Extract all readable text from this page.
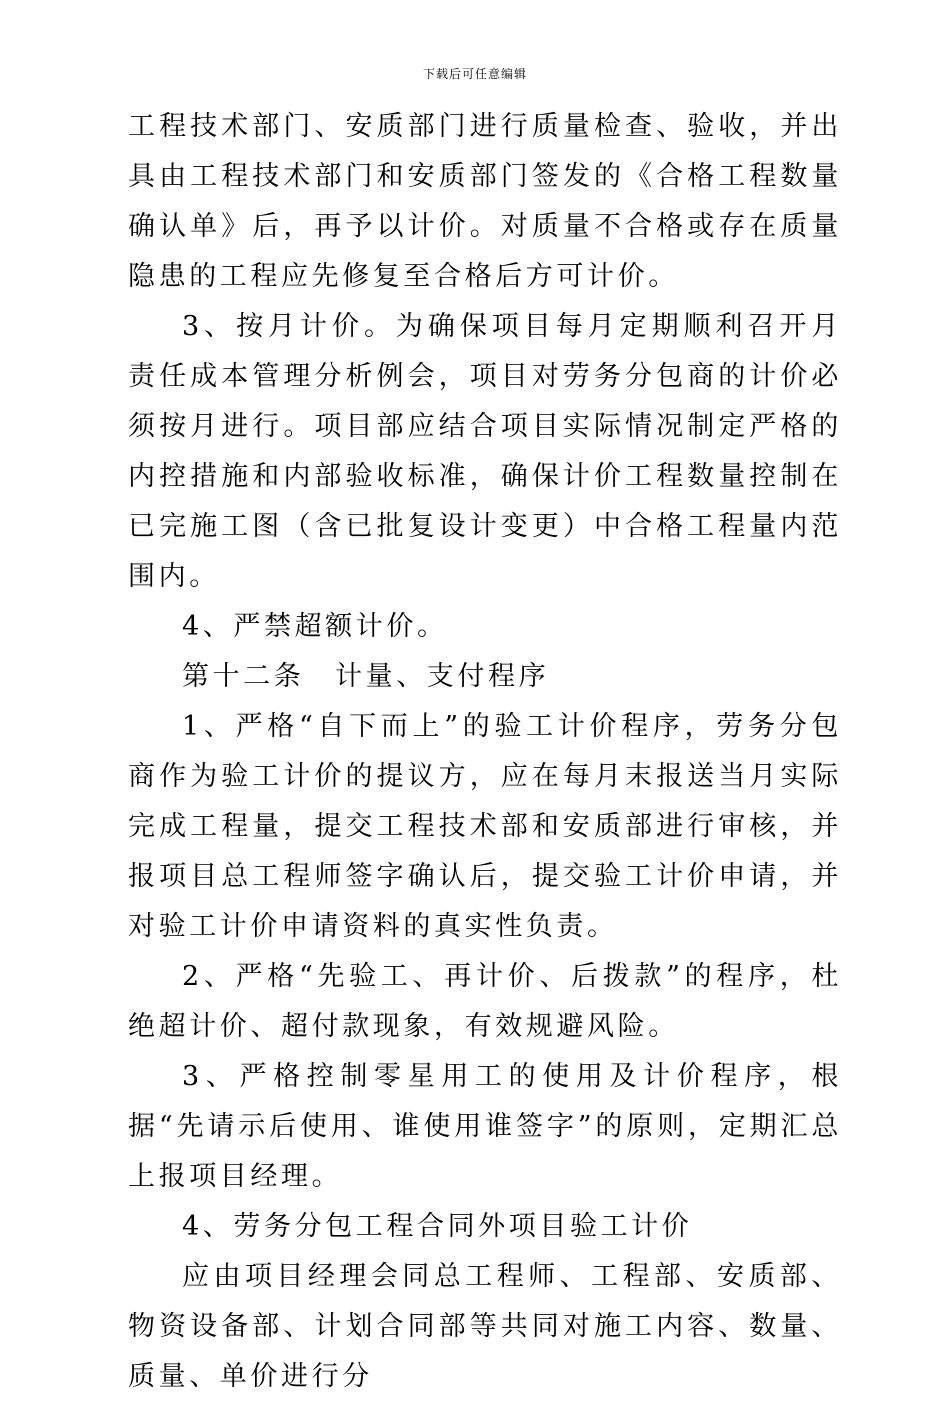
下载后可任意编辑

工程技术部门、安质部门进行质量检查、验收，并出具由工程技术部门和安质部门签发的《合格工程数量确认单》后，再予以计价。对质量不合格或存在质量隐患的工程应先修复至合格后方可计价。

3、按月计价。为确保项目每月定期顺利召开月责任成本管理分析例会，项目对劳务分包商的计价必须按月进行。项目部应结合项目实际情况制定严格的内控措施和内部验收标准，确保计价工程数量控制在已完施工图（含已批复设计变更）中合格工程量内范围内。

4、严禁超额计价。

第十二条　计量、支付程序

1、严格“自下而上”的验工计价程序，劳务分包商作为验工计价的提议方，应在每月末报送当月实际完成工程量，提交工程技术部和安质部进行审核，并报项目总工程师签字确认后，提交验工计价申请，并对验工计价申请资料的真实性负责。

2、严格“先验工、再计价、后拨款”的程序，杜绝超计价、超付款现象，有效规避风险。

3、严格控制零星用工的使用及计价程序，根据“先请示后使用、谁使用谁签字”的原则，定期汇总上报项目经理。

4、劳务分包工程合同外项目验工计价

应由项目经理会同总工程师、工程部、安质部、物资设备部、计划合同部等共同对施工内容、数量、质量、单价进行分
